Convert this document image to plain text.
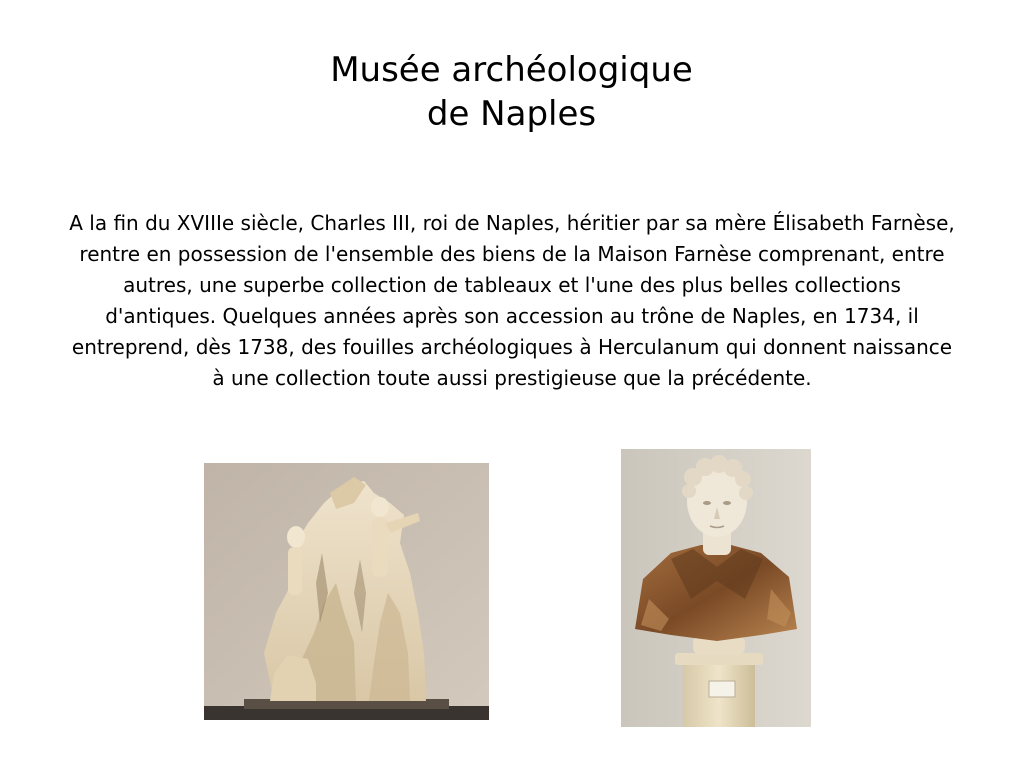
Musée archéologique
de Naples

A la fin du XVIIIe siècle, Charles III, roi de Naples, héritier par sa mère Élisabeth Farnèse, rentre en possession de l'ensemble des biens de la Maison Farnèse comprenant, entre autres, une superbe collection de tableaux et l'une des plus belles collections d'antiques. Quelques années après son accession au trône de Naples, en 1734, il entreprend, dès 1738, des fouilles archéologiques à Herculanum qui donnent naissance à une collection toute aussi prestigieuse que la précédente.
